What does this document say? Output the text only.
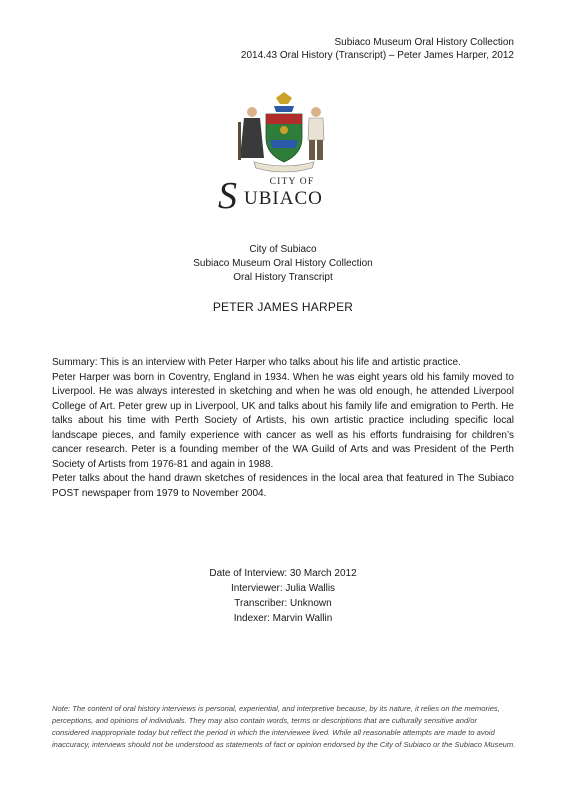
Subiaco Museum Oral History Collection
2014.43 Oral History (Transcript) – Peter James Harper, 2012
CITY OF
S UBIACO
City of Subiaco
Subiaco Museum Oral History Collection
Oral History Transcript
PETER JAMES HARPER

Summary: This is an interview with Peter Harper who talks about his life and artistic practice.

Peter Harper was born in Coventry, England in 1934. When he was eight years old his family moved to Liverpool. He was always interested in sketching and when he was old enough, he attended Liverpool College of Art. Peter grew up in Liverpool, UK and talks about his family life and emigration to Perth. He talks about his time with Perth Society of Artists, his own artistic practice including specific local landscape pieces, and family experience with cancer as well as his efforts fundraising for children’s cancer research. Peter is a founding member of the WA Guild of Arts and was President of the Perth Society of Artists from 1976-81 and again in 1988.

Peter talks about the hand drawn sketches of residences in the local area that featured in The Subiaco POST newspaper from 1979 to November 2004.

Date of Interview: 30 March 2012
Interviewer: Julia Wallis
Transcriber: Unknown
Indexer: Marvin Wallin
Note: The content of oral history interviews is personal, experiential, and interpretive because, by its nature, it relies on the memories, perceptions, and opinions of individuals. They may also contain words, terms or descriptions that are culturally sensitive and/or considered inappropriate today but reflect the period in which the interviewee lived. While all reasonable attempts are made to avoid inaccuracy, interviews should not be understood as statements of fact or opinion endorsed by the City of Subiaco or the Subiaco Museum.
